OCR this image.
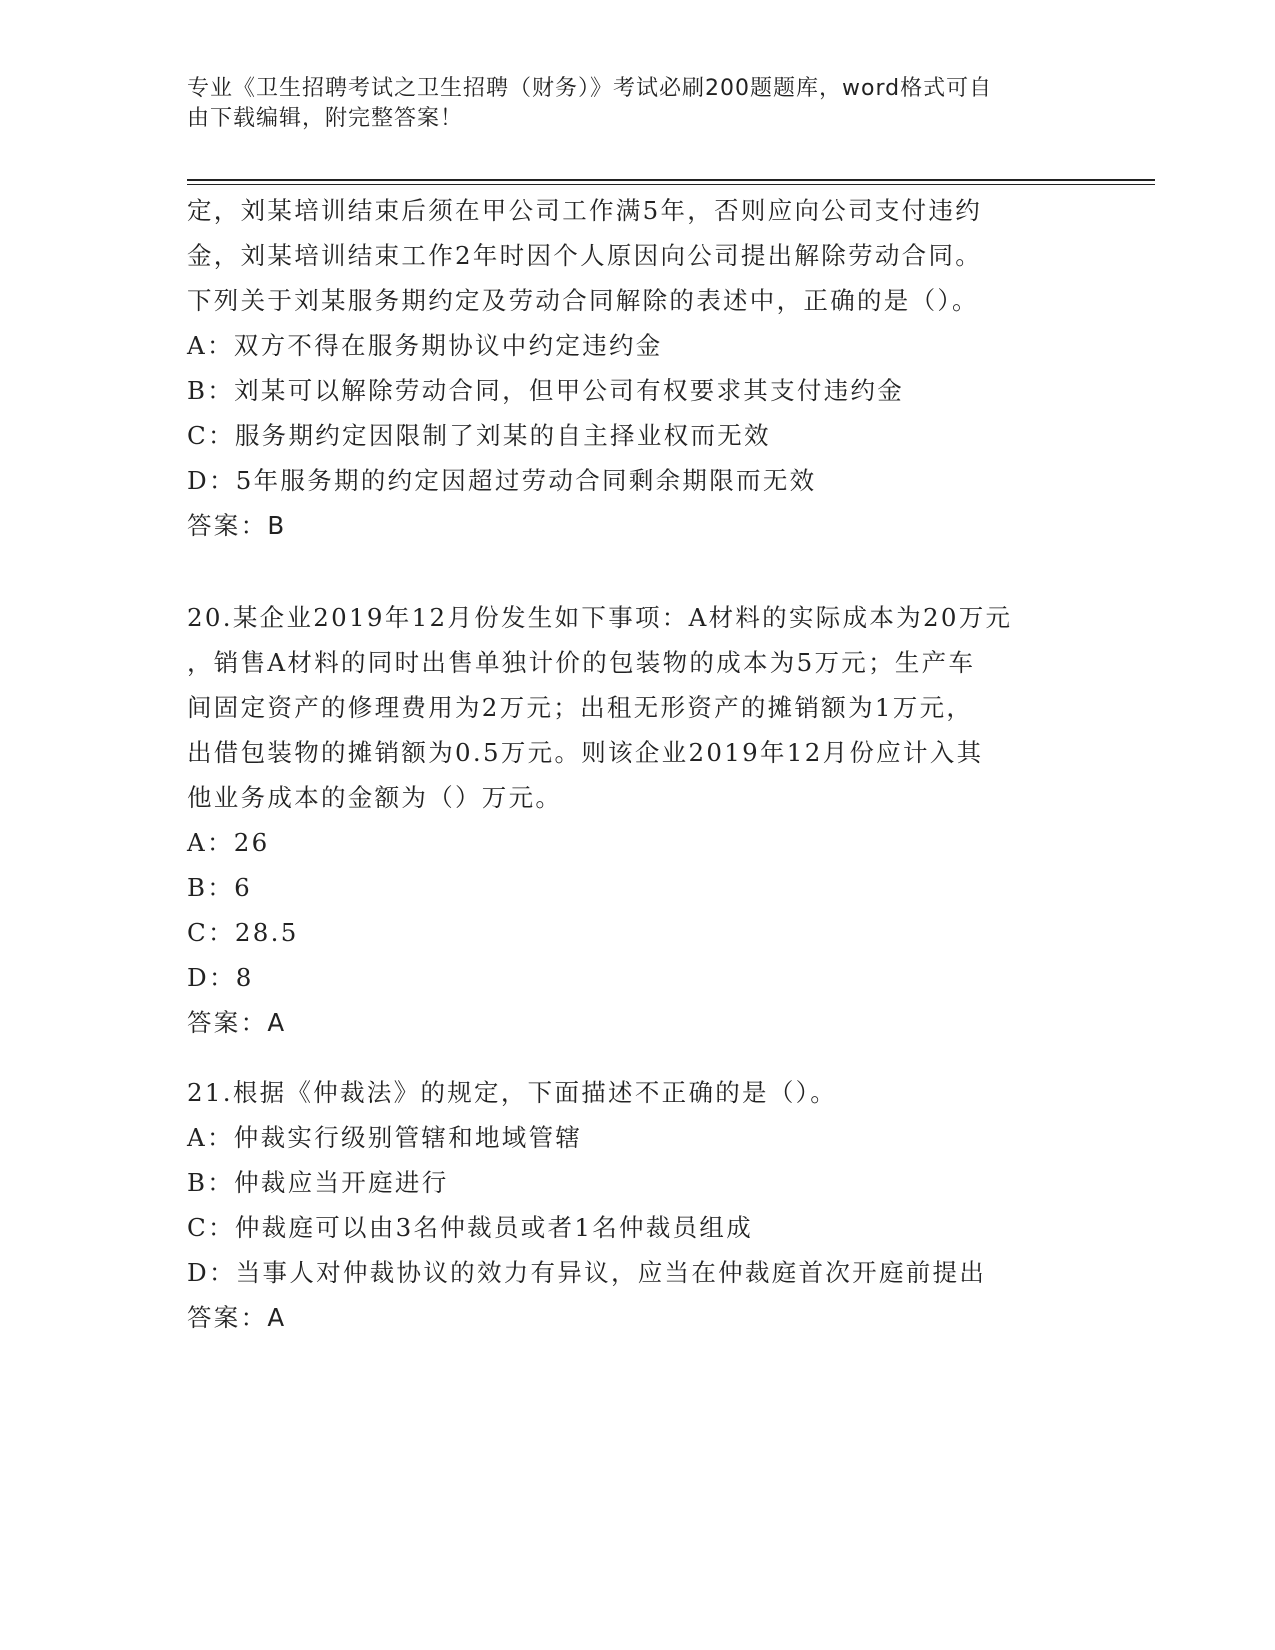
专业《卫生招聘考试之卫生招聘（财务）》考试必刷200题题库，word格式可自
由下载编辑，附完整答案！
定，刘某培训结束后须在甲公司工作满5年，否则应向公司支付违约
金，刘某培训结束工作2年时因个人原因向公司提出解除劳动合同。
下列关于刘某服务期约定及劳动合同解除的表述中，正确的是（）。
A：双方不得在服务期协议中约定违约金
B：刘某可以解除劳动合同，但甲公司有权要求其支付违约金
C：服务期约定因限制了刘某的自主择业权而无效
D：5年服务期的约定因超过劳动合同剩余期限而无效
答案：B
20.某企业2019年12月份发生如下事项：A材料的实际成本为20万元
，销售A材料的同时出售单独计价的包装物的成本为5万元；生产车
间固定资产的修理费用为2万元；出租无形资产的摊销额为1万元，
出借包装物的摊销额为0.5万元。则该企业2019年12月份应计入其
他业务成本的金额为（）万元。
A：26
B：6
C：28.5
D：8
答案：A
21.根据《仲裁法》的规定，下面描述不正确的是（）。
A：仲裁实行级别管辖和地域管辖
B：仲裁应当开庭进行
C：仲裁庭可以由3名仲裁员或者1名仲裁员组成
D：当事人对仲裁协议的效力有异议，应当在仲裁庭首次开庭前提出
答案：A
